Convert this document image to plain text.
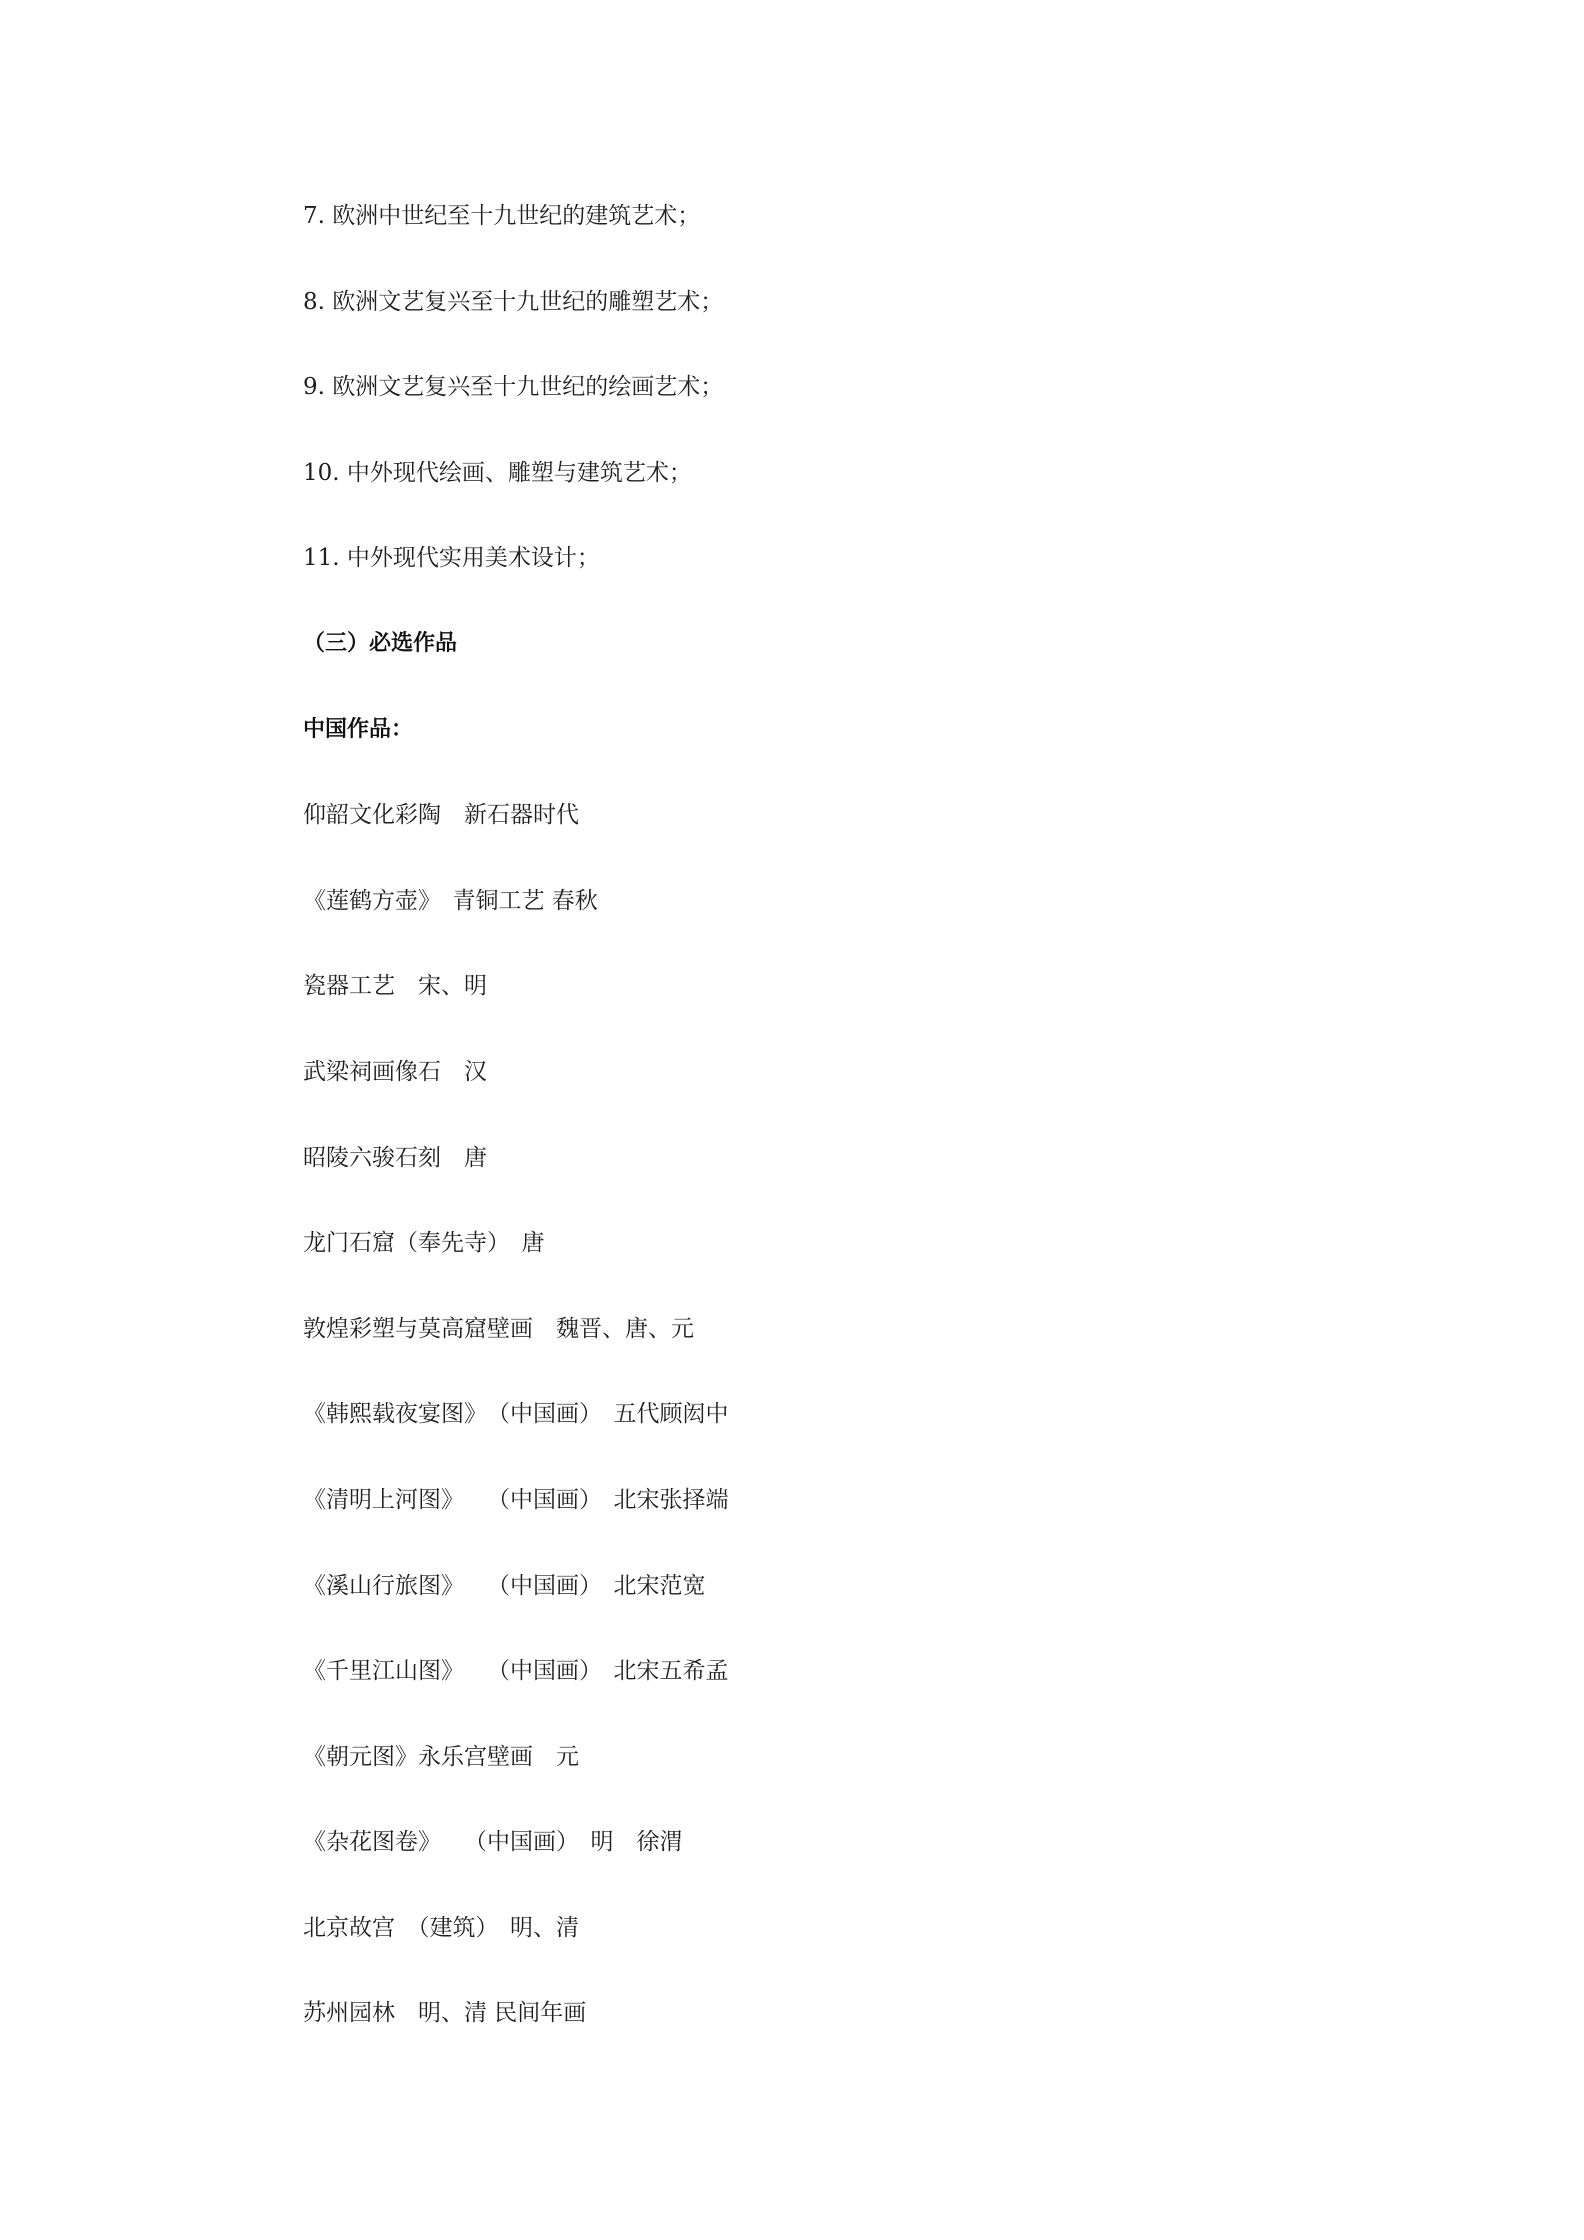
7. 欧洲中世纪至十九世纪的建筑艺术；
8. 欧洲文艺复兴至十九世纪的雕塑艺术；
9. 欧洲文艺复兴至十九世纪的绘画艺术；
10. 中外现代绘画、雕塑与建筑艺术；
11. 中外现代实用美术设计；
（三）必选作品
中国作品：
仰韶文化彩陶　新石器时代
《莲鹤方壶》　青铜工艺 春秋
瓷器工艺　宋、明
武梁祠画像石　汉
昭陵六骏石刻　唐
龙门石窟（奉先寺）　唐
敦煌彩塑与莫高窟壁画　魏晋、唐、元
《韩熙载夜宴图》　（中国画）　五代顾闳中
《清明上河图》　　（中国画）　北宋张择端
《溪山行旅图》　　（中国画）　北宋范宽
《千里江山图》　　（中国画）　北宋五希孟
《朝元图》永乐宫壁画　元
《杂花图卷》　　（中国画）　明　徐渭
北京故宫　（建筑）　明、清
苏州园林　明、清 民间年画
